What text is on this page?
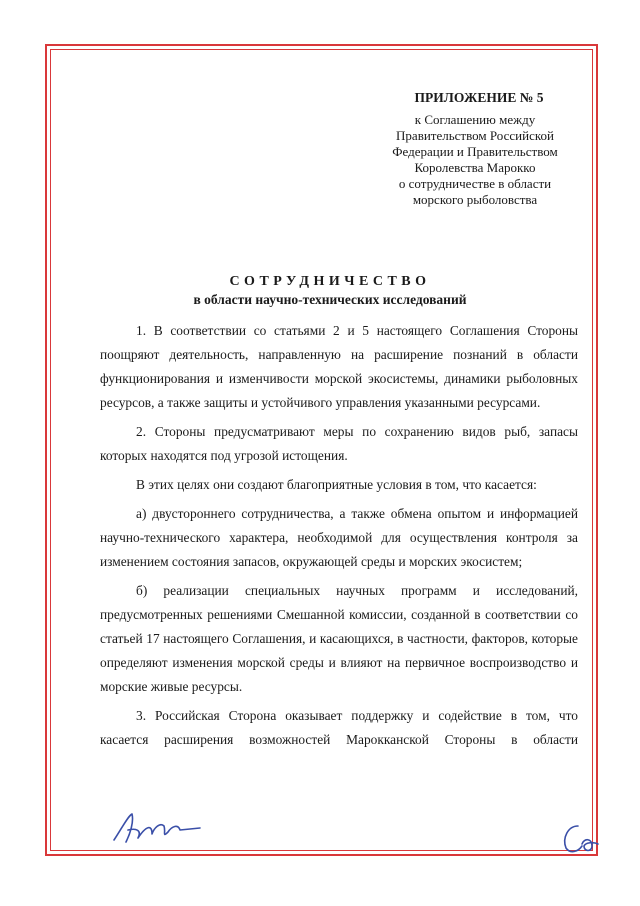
ПРИЛОЖЕНИЕ № 5
к Соглашению между
Правительством Российской
Федерации и Правительством
Королевства Марокко
о сотрудничестве в области
морского рыболовства
СОТРУДНИЧЕСТВО
в области научно-технических исследований

1. В соответствии со статьями 2 и 5 настоящего Соглашения Стороны поощряют деятельность, направленную на расширение познаний в области функционирования и изменчивости морской экосистемы, динамики рыболовных ресурсов, а также защиты и устойчивого управления указанными ресурсами.

2. Стороны предусматривают меры по сохранению видов рыб, запасы которых находятся под угрозой истощения.

В этих целях они создают благоприятные условия в том, что касается:

а) двустороннего сотрудничества, а также обмена опытом и информацией научно-технического характера, необходимой для осуществления контроля за изменением состояния запасов, окружающей среды и морских экосистем;

б) реализации специальных научных программ и исследований, предусмотренных решениями Смешанной комиссии, созданной в соответствии со статьей 17 настоящего Соглашения, и касающихся, в частности, факторов, которые определяют изменения морской среды и влияют на первичное воспроизводство и морские живые ресурсы.

3. Российская Сторона оказывает поддержку и содействие в том, что касается расширения возможностей Марокканской Стороны в области
